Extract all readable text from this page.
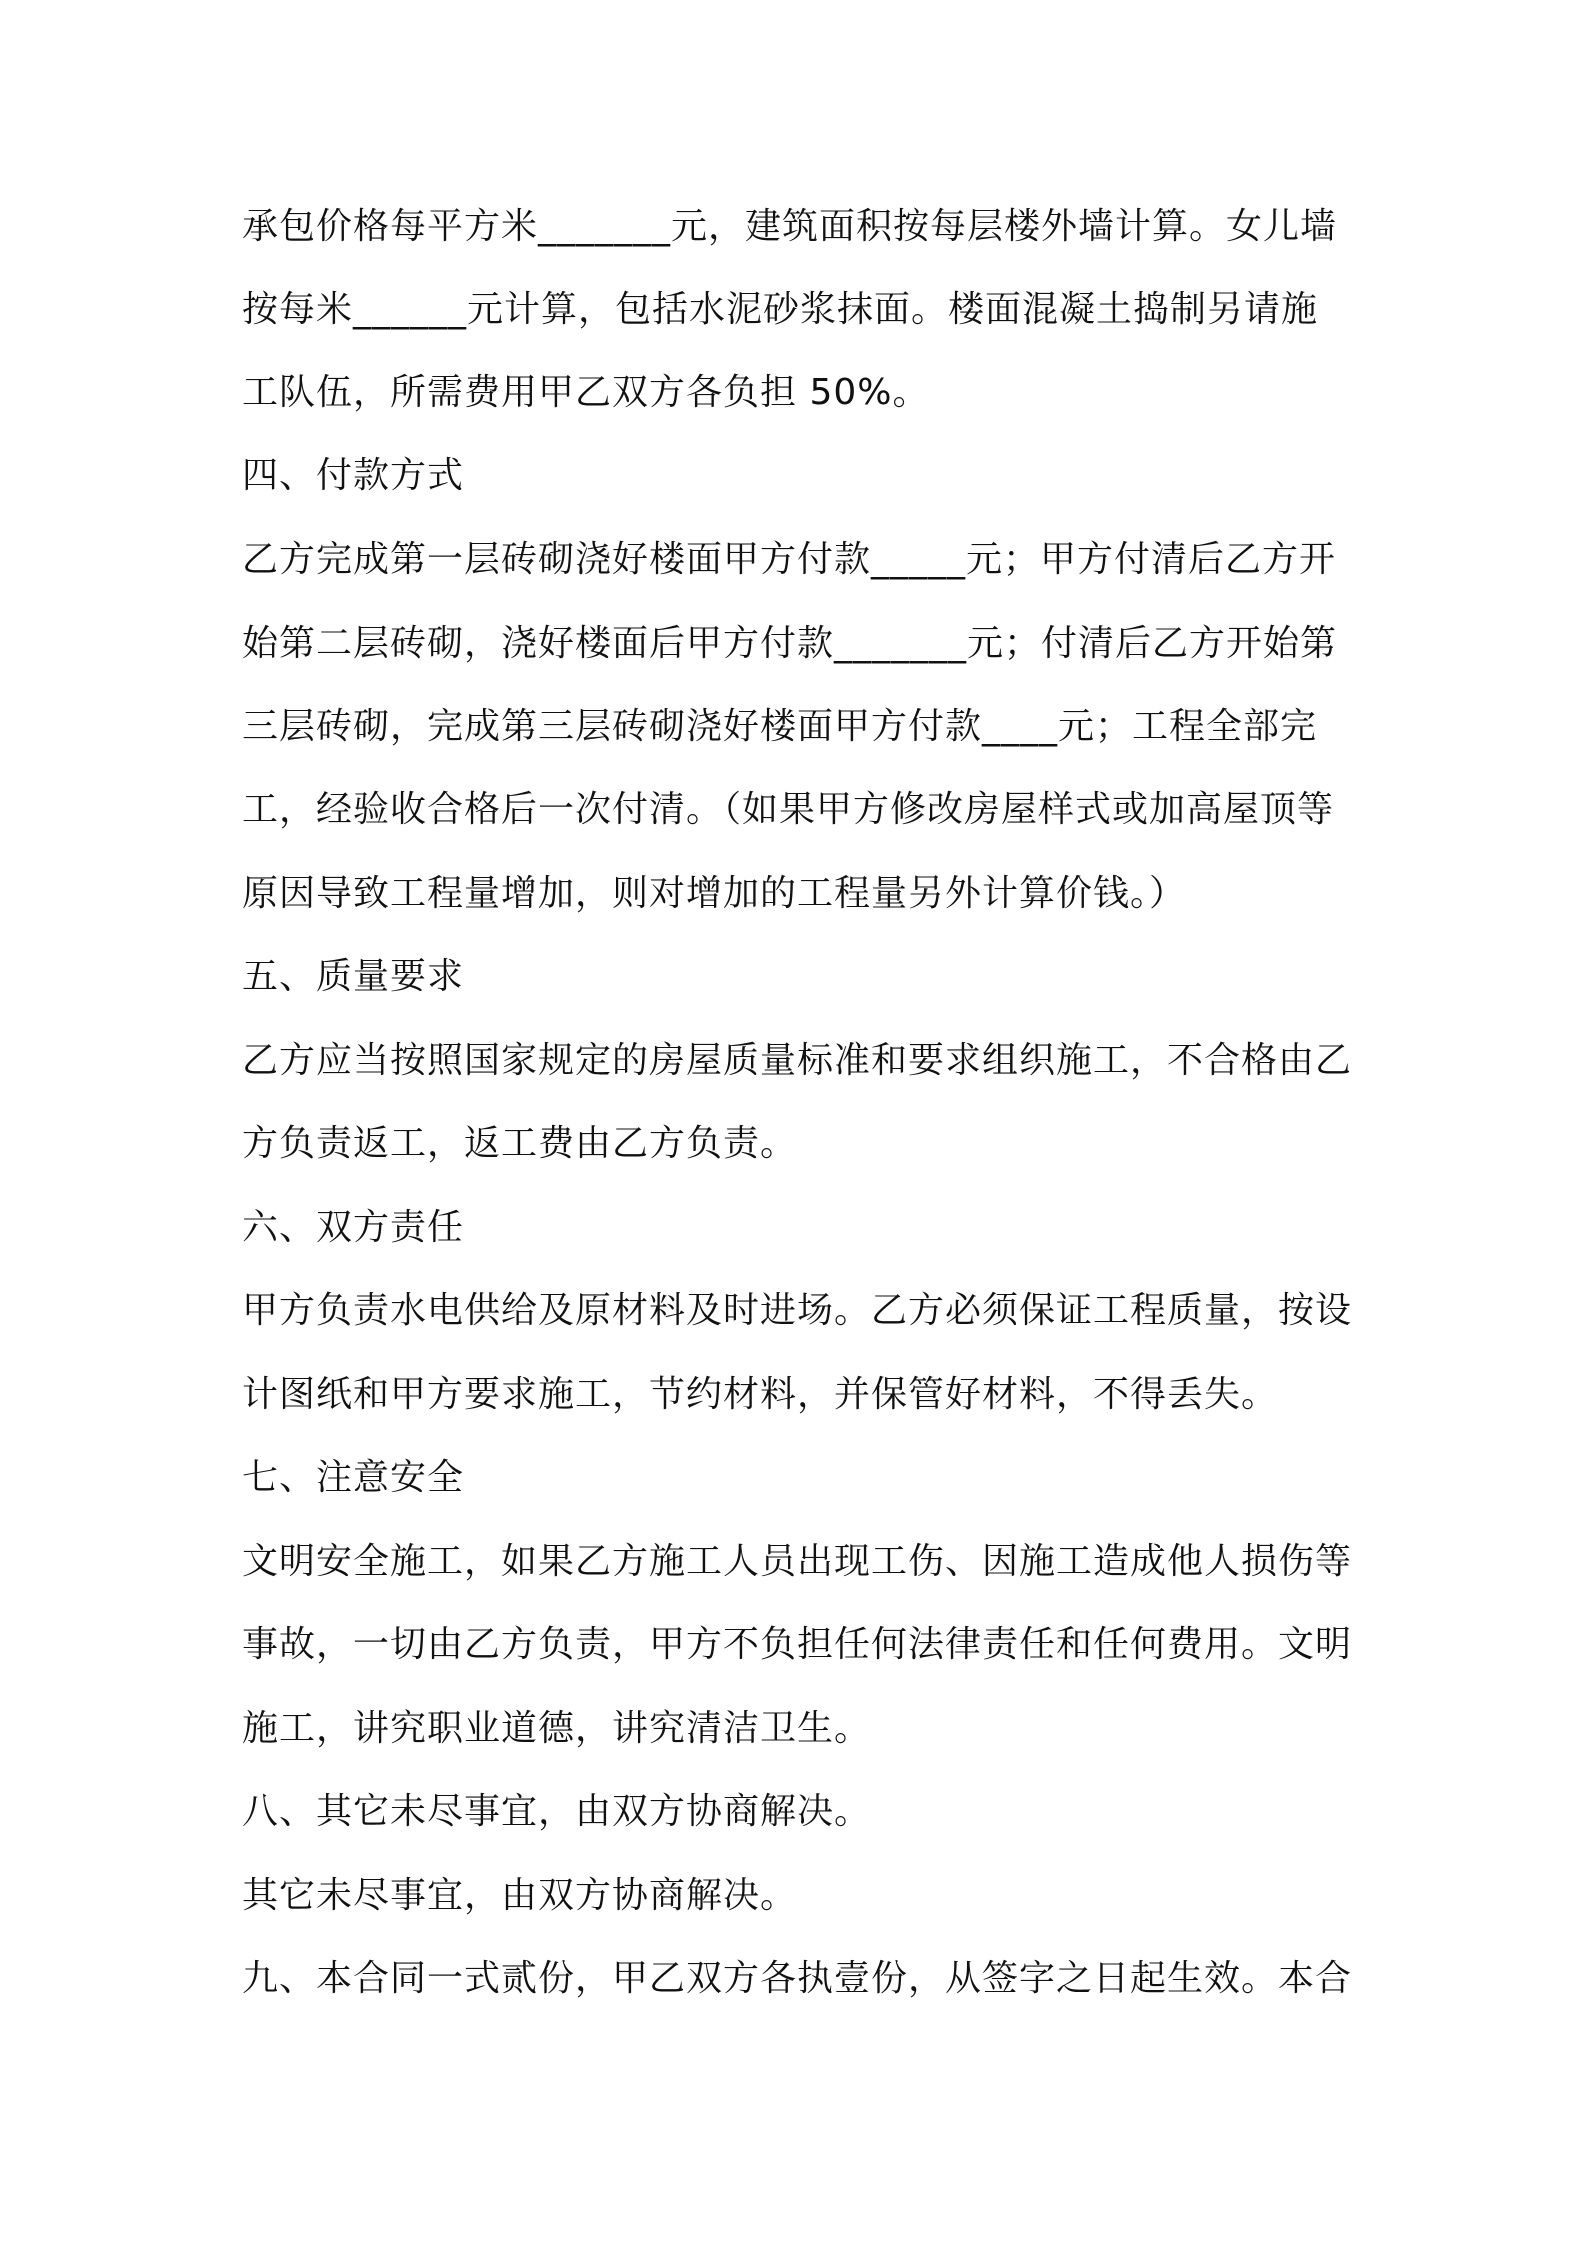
承包价格每平方米_______元，建筑面积按每层楼外墙计算。女儿墙
按每米______元计算，包括水泥砂浆抹面。楼面混凝土捣制另请施
工队伍，所需费用甲乙双方各负担 50%。
四、付款方式
乙方完成第一层砖砌浇好楼面甲方付款_____元；甲方付清后乙方开
始第二层砖砌，浇好楼面后甲方付款_______元；付清后乙方开始第
三层砖砌，完成第三层砖砌浇好楼面甲方付款____元；工程全部完
工，经验收合格后一次付清。（如果甲方修改房屋样式或加高屋顶等
原因导致工程量增加，则对增加的工程量另外计算价钱。）
五、质量要求
乙方应当按照国家规定的房屋质量标准和要求组织施工，不合格由乙
方负责返工，返工费由乙方负责。
六、双方责任
甲方负责水电供给及原材料及时进场。乙方必须保证工程质量，按设
计图纸和甲方要求施工，节约材料，并保管好材料，不得丢失。
七、注意安全
文明安全施工，如果乙方施工人员出现工伤、因施工造成他人损伤等
事故，一切由乙方负责，甲方不负担任何法律责任和任何费用。文明
施工，讲究职业道德，讲究清洁卫生。
八、其它未尽事宜，由双方协商解决。
其它未尽事宜，由双方协商解决。
九、本合同一式贰份，甲乙双方各执壹份，从签字之日起生效。本合
